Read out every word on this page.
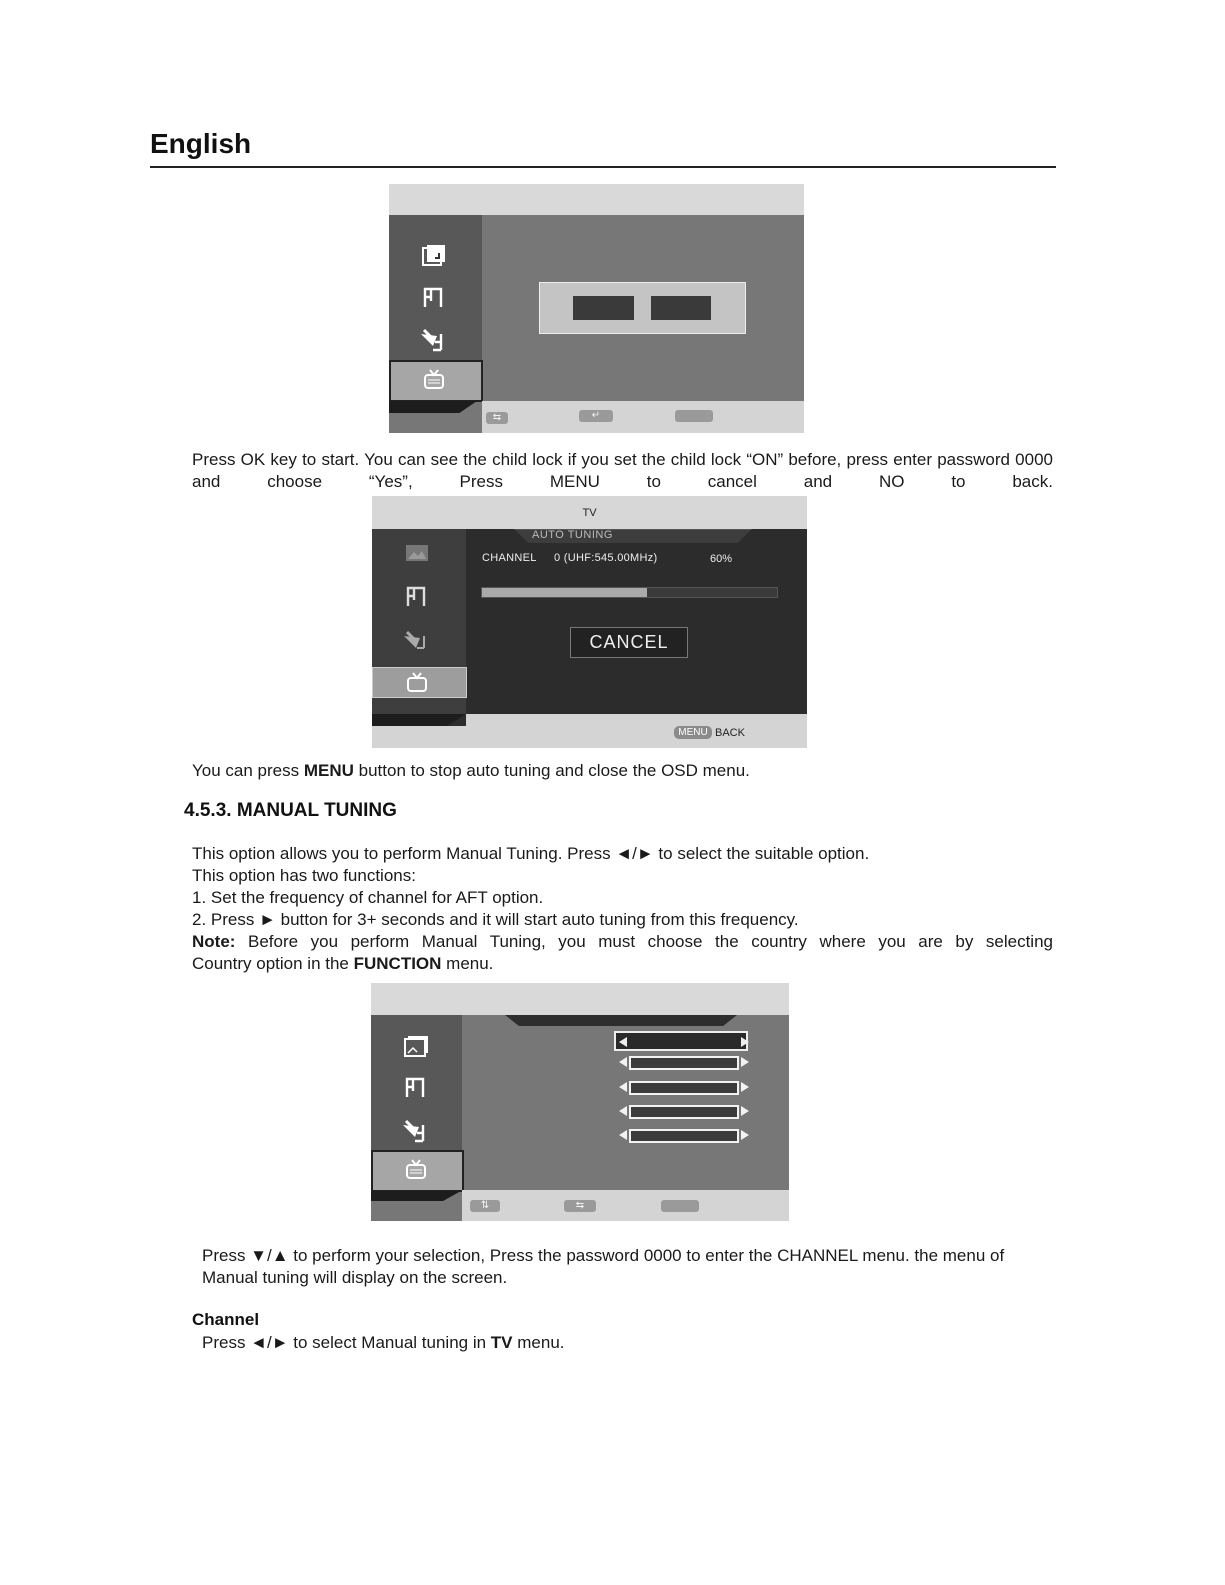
English
⇆	↵
Press OK key to start. You can see the child lock if you set the child lock “ON” before, press enter password 0000 and choose “Yes”, Press MENU to cancel and NO to back.
TV
AUTO TUNING
CHANNEL 0 (UHF:545.00MHz)	60%
CANCEL
MENU BACK
You can press MENU button to stop auto tuning and close the OSD menu.
4.5.3. MANUAL TUNING
This option allows you to perform Manual Tuning. Press ◄/► to select the suitable option.
This option has two functions:
1. Set the frequency of channel for AFT option.
2. Press ► button for 3+ seconds and it will start auto tuning from this frequency.
Note: Before you perform Manual Tuning, you must choose the country where you are by selecting
Country option in the FUNCTION menu.
⇅	⇆
Press ▼/▲ to perform your selection, Press the password 0000 to enter the CHANNEL menu. the menu of Manual tuning will display on the screen.
Channel
Press ◄/► to select Manual tuning in TV menu.
